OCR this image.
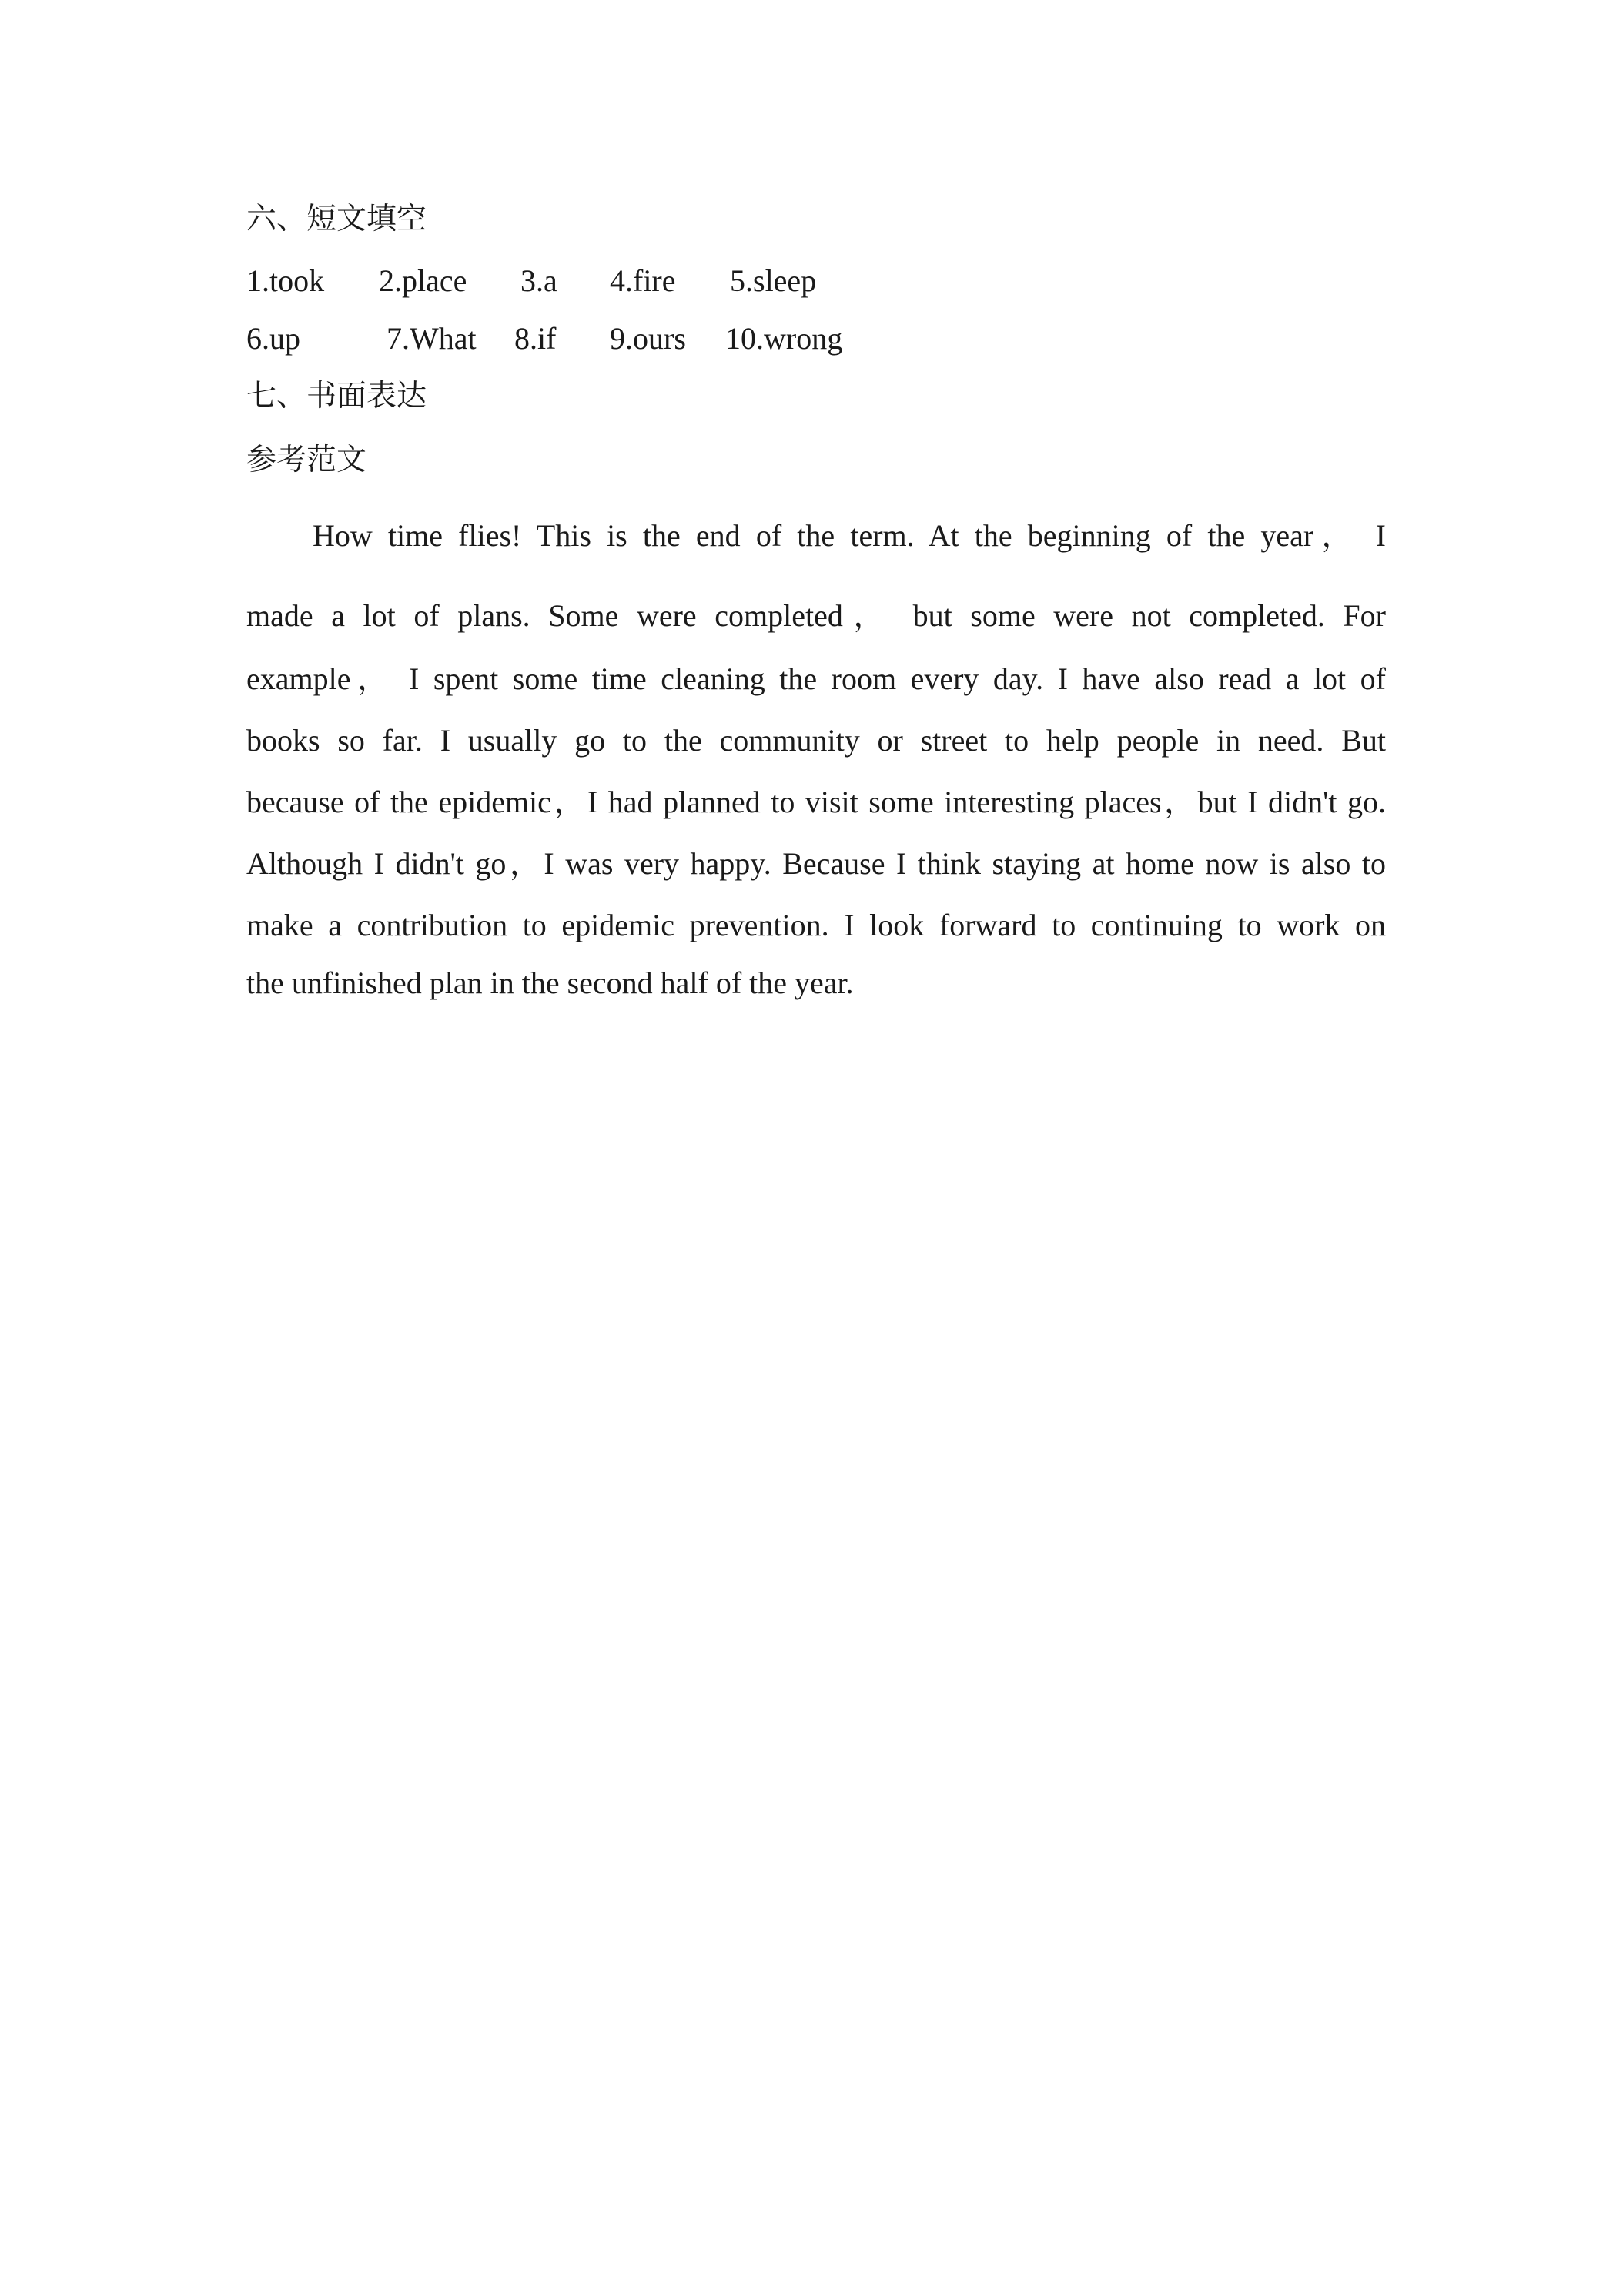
六、短文填空
1.took 2.place 3.a 4.fire 5.sleep
6.up	7.What 8.if 9.ours 10.wrong
七、书面表达
参考范文
How time flies! This is the end of the term. At the beginning of the year， I
made a lot of plans. Some were completed， but some were not completed. For
example， I spent some time cleaning the room every day. I have also read a lot of
books so far. I usually go to the community or street to help people in need. But
because of the epidemic，I had planned to visit some interesting places，but I didn't go.
Although I didn't go，I was very happy. Because I think staying at home now is also to
make a contribution to epidemic prevention. I look forward to continuing to work on
the unfinished plan in the second half of the year.
